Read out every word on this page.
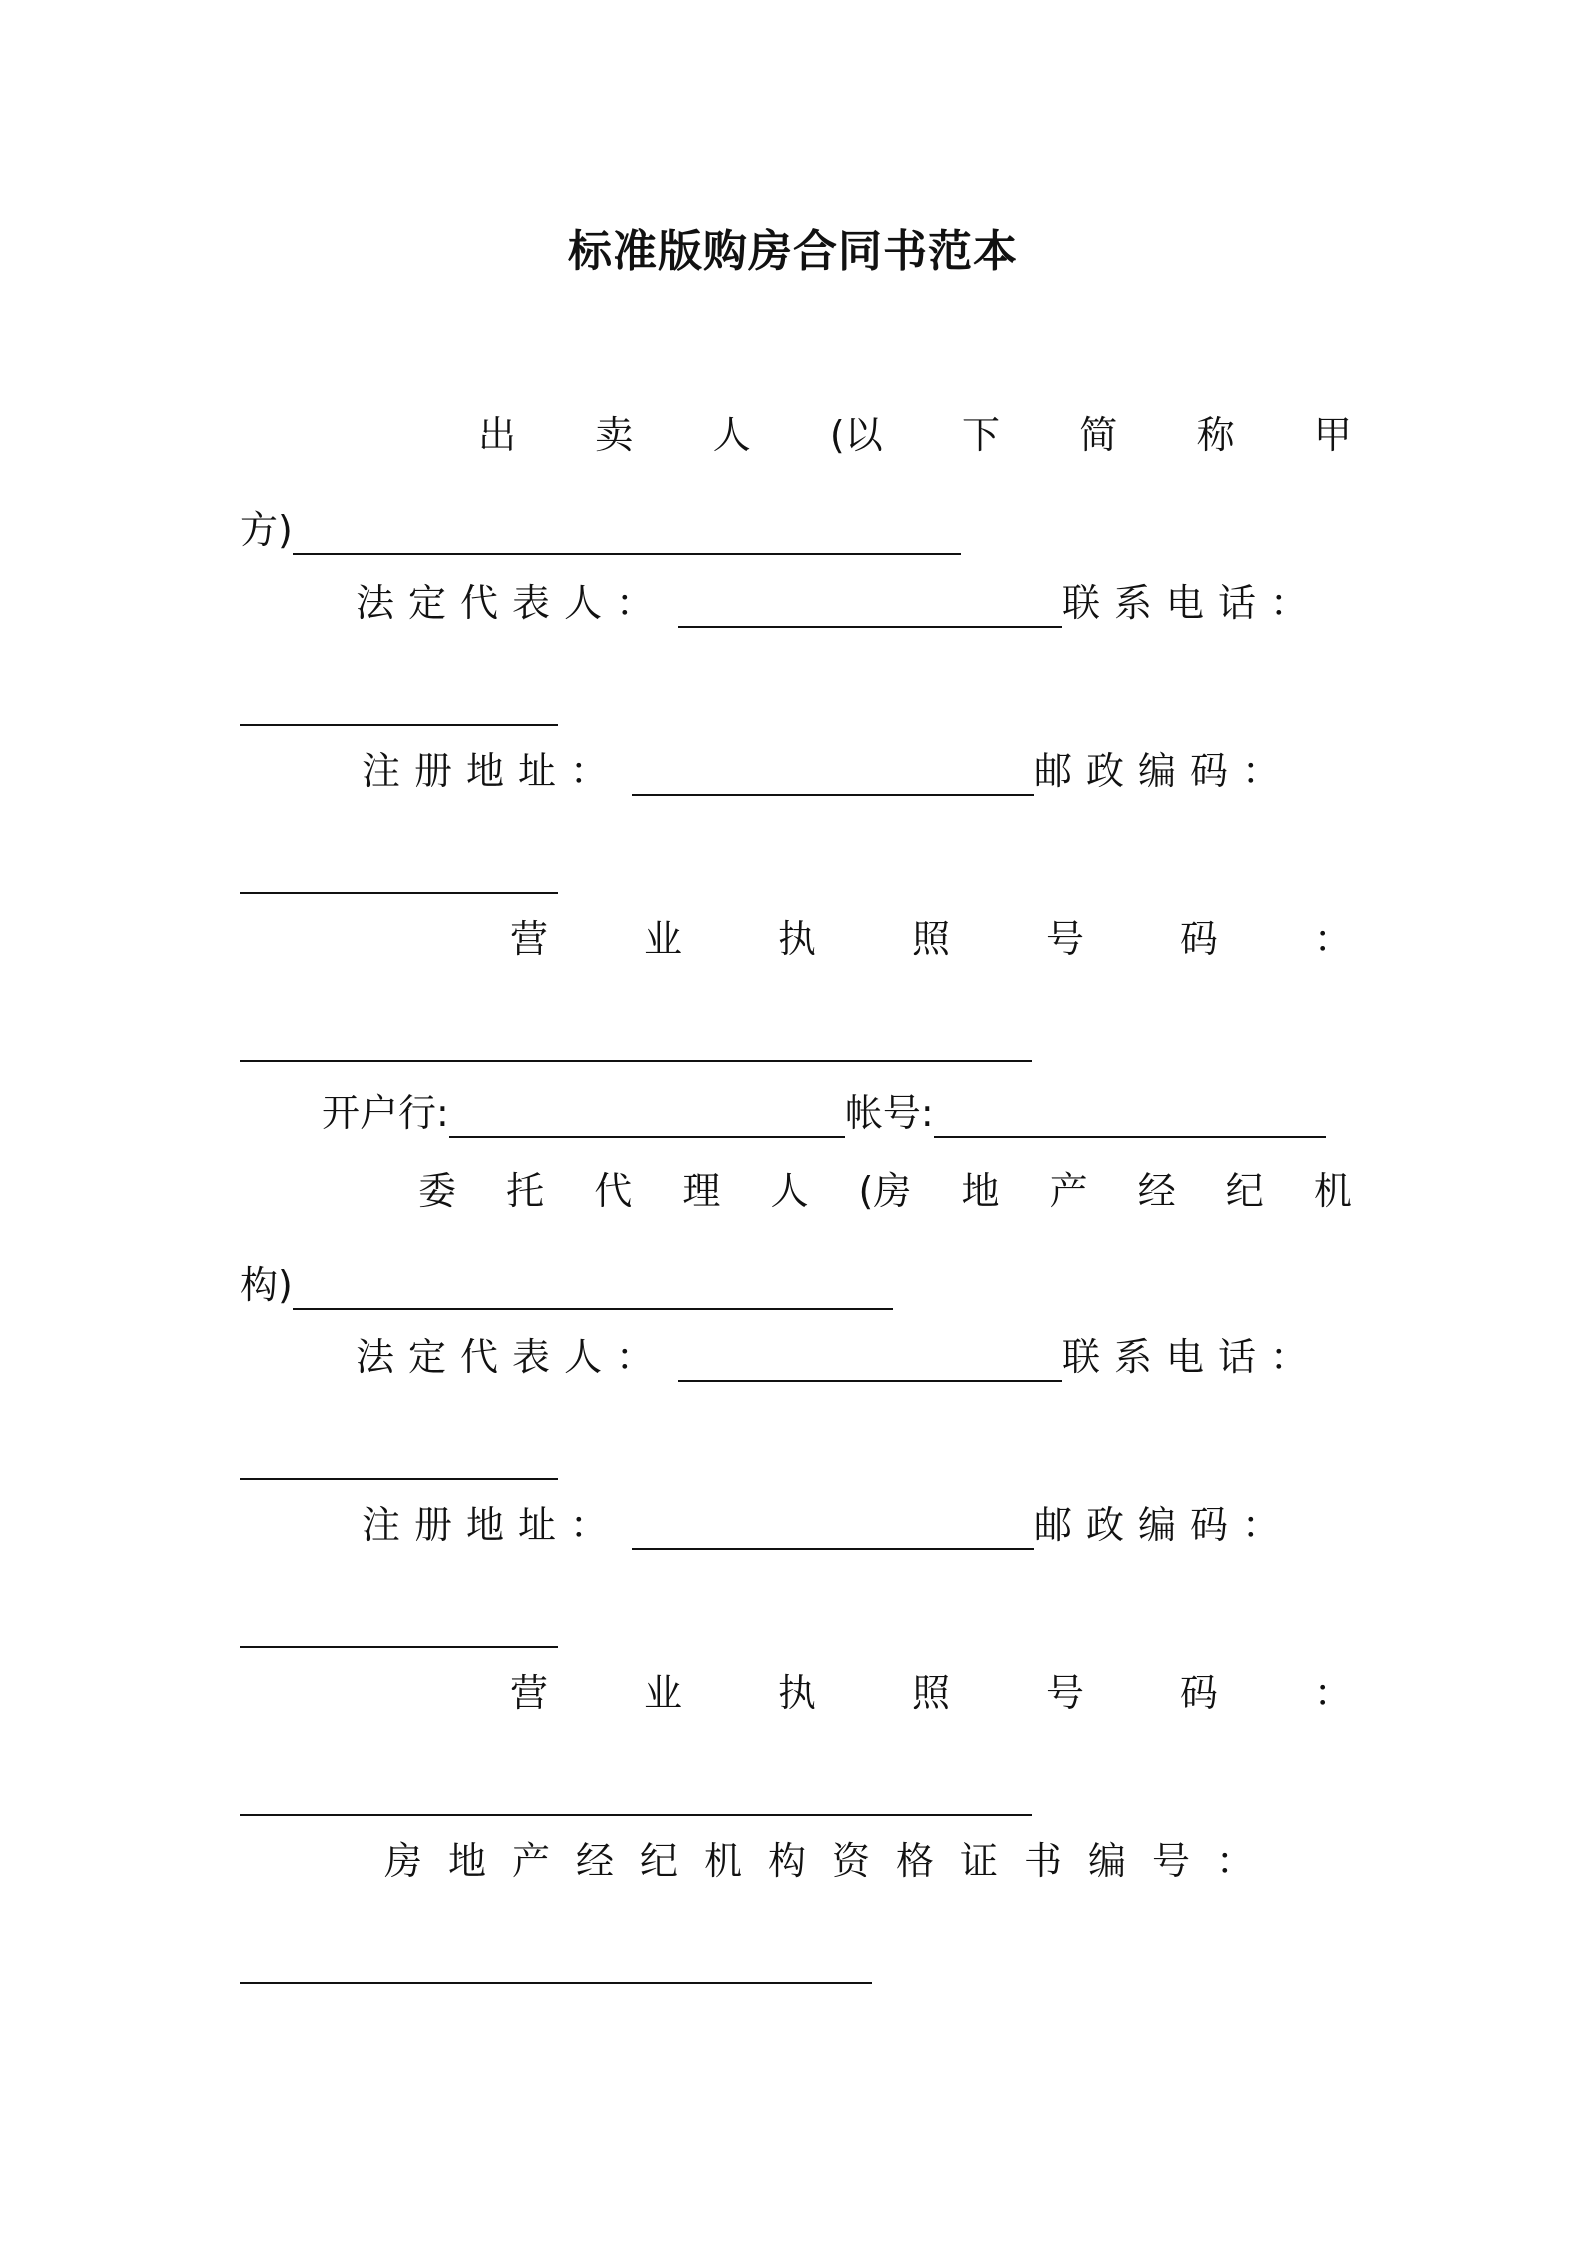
标准版购房合同书范本
出 卖 人 (以 下 简 称 甲
方)
法定代表人：	联系电话：
注册地址：	邮政编码：
营	业	执	照	号	码	：
开户行:	帐号:
委 托 代 理 人 (房 地 产 经 纪 机
构)
法定代表人：	联系电话：
注册地址：	邮政编码：
营	业	执	照	号	码	：
房地产经纪机构资格证书编号：
